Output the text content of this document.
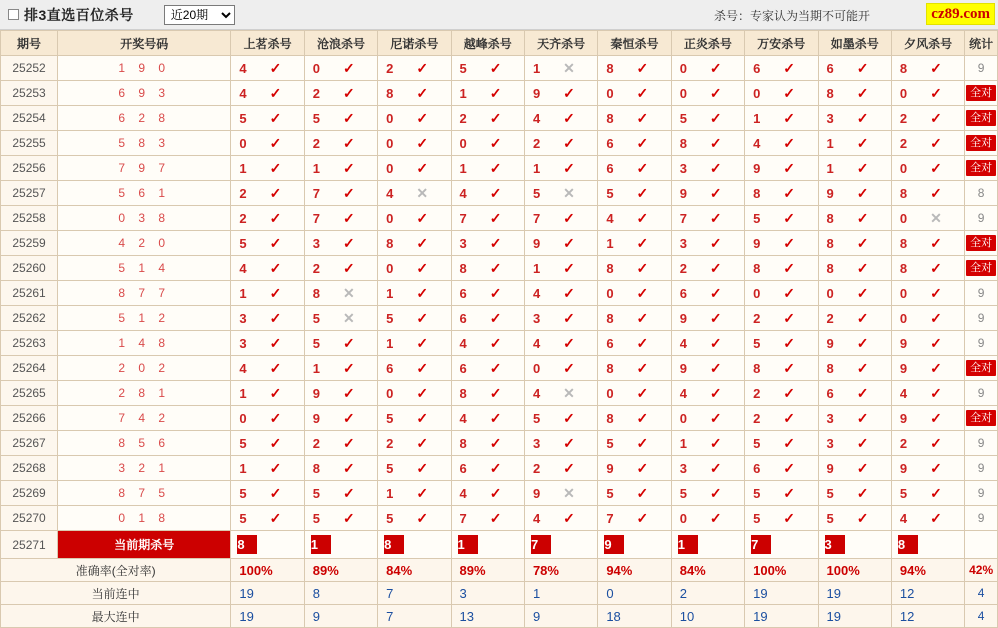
排3直选百位杀号
近20期	杀号：专家认为当期不可能开	cz89.com
期号	开奖号码	上茗杀号	沧浪杀号	尼诺杀号	越峰杀号	天齐杀号	秦恒杀号	正炎杀号	万安杀号	如墨杀号	夕风杀号	统计
25252	1 9 0	4 ✓	0 ✓	2 ✓	5 ✓	1 ✕	8 ✓	0 ✓	6 ✓	6 ✓	8 ✓	9
25253	6 9 3	4 ✓	2 ✓	8 ✓	1 ✓	9 ✓	0 ✓	0 ✓	0 ✓	8 ✓	0 ✓	全对

25254	6 2 8	5 ✓	5 ✓	0 ✓	2 ✓	4 ✓	8 ✓	5 ✓	1 ✓	3 ✓	2 ✓	全对

25255	5 8 3	0 ✓	2 ✓	0 ✓	0 ✓	2 ✓	6 ✓	8 ✓	4 ✓	1 ✓	2 ✓	全对

25256	7 9 7	1 ✓	1 ✓	0 ✓	1 ✓	1 ✓	6 ✓	3 ✓	9 ✓	1 ✓	0 ✓	全对

25257	5 6 1	2 ✓	7 ✓	4 ✕	4 ✓	5 ✕	5 ✓	9 ✓	8 ✓	9 ✓	8 ✓	8
25258	0 3 8	2 ✓	7 ✓	0 ✓	7 ✓	7 ✓	4 ✓	7 ✓	5 ✓	8 ✓	0 ✕	9
25259	4 2 0	5 ✓	3 ✓	8 ✓	3 ✓	9 ✓	1 ✓	3 ✓	9 ✓	8 ✓	8 ✓	全对

25260	5 1 4	4 ✓	2 ✓	0 ✓	8 ✓	1 ✓	8 ✓	2 ✓	8 ✓	8 ✓	8 ✓	全对

25261	8 7 7	1 ✓	8 ✕	1 ✓	6 ✓	4 ✓	0 ✓	6 ✓	0 ✓	0 ✓	0 ✓	9
25262	5 1 2	3 ✓	5 ✕	5 ✓	6 ✓	3 ✓	8 ✓	9 ✓	2 ✓	2 ✓	0 ✓	9
25263	1 4 8	3 ✓	5 ✓	1 ✓	4 ✓	4 ✓	6 ✓	4 ✓	5 ✓	9 ✓	9 ✓	9
25264	2 0 2	4 ✓	1 ✓	6 ✓	6 ✓	0 ✓	8 ✓	9 ✓	8 ✓	8 ✓	9 ✓	全对

25265	2 8 1	1 ✓	9 ✓	0 ✓	8 ✓	4 ✕	0 ✓	4 ✓	2 ✓	6 ✓	4 ✓	9
25266	7 4 2	0 ✓	9 ✓	5 ✓	4 ✓	5 ✓	8 ✓	0 ✓	2 ✓	3 ✓	9 ✓	全对

25267	8 5 6	5 ✓	2 ✓	2 ✓	8 ✓	3 ✓	5 ✓	1 ✓	5 ✓	3 ✓	2 ✓	9
25268	3 2 1	1 ✓	8 ✓	5 ✓	6 ✓	2 ✓	9 ✓	3 ✓	6 ✓	9 ✓	9 ✓	9
25269	8 7 5	5 ✓	5 ✓	1 ✓	4 ✓	9 ✕	5 ✓	5 ✓	5 ✓	5 ✓	5 ✓	9
25270	0 1 8	5 ✓	5 ✓	5 ✓	7 ✓	4 ✓	7 ✓	0 ✓	5 ✓	5 ✓	4 ✓	9
25271	当前期杀号	8	1	8	1	7	9	1	7	3	8	

准确率(全对率)		100%	89%	84%	89%	78%	94%	84%	100%	100%	94%	42%
当前连中		19	8	7	3	1	0	2	19	19	12	4
最大连中		19	9	7	13	9	18	10	19	19	12	4
